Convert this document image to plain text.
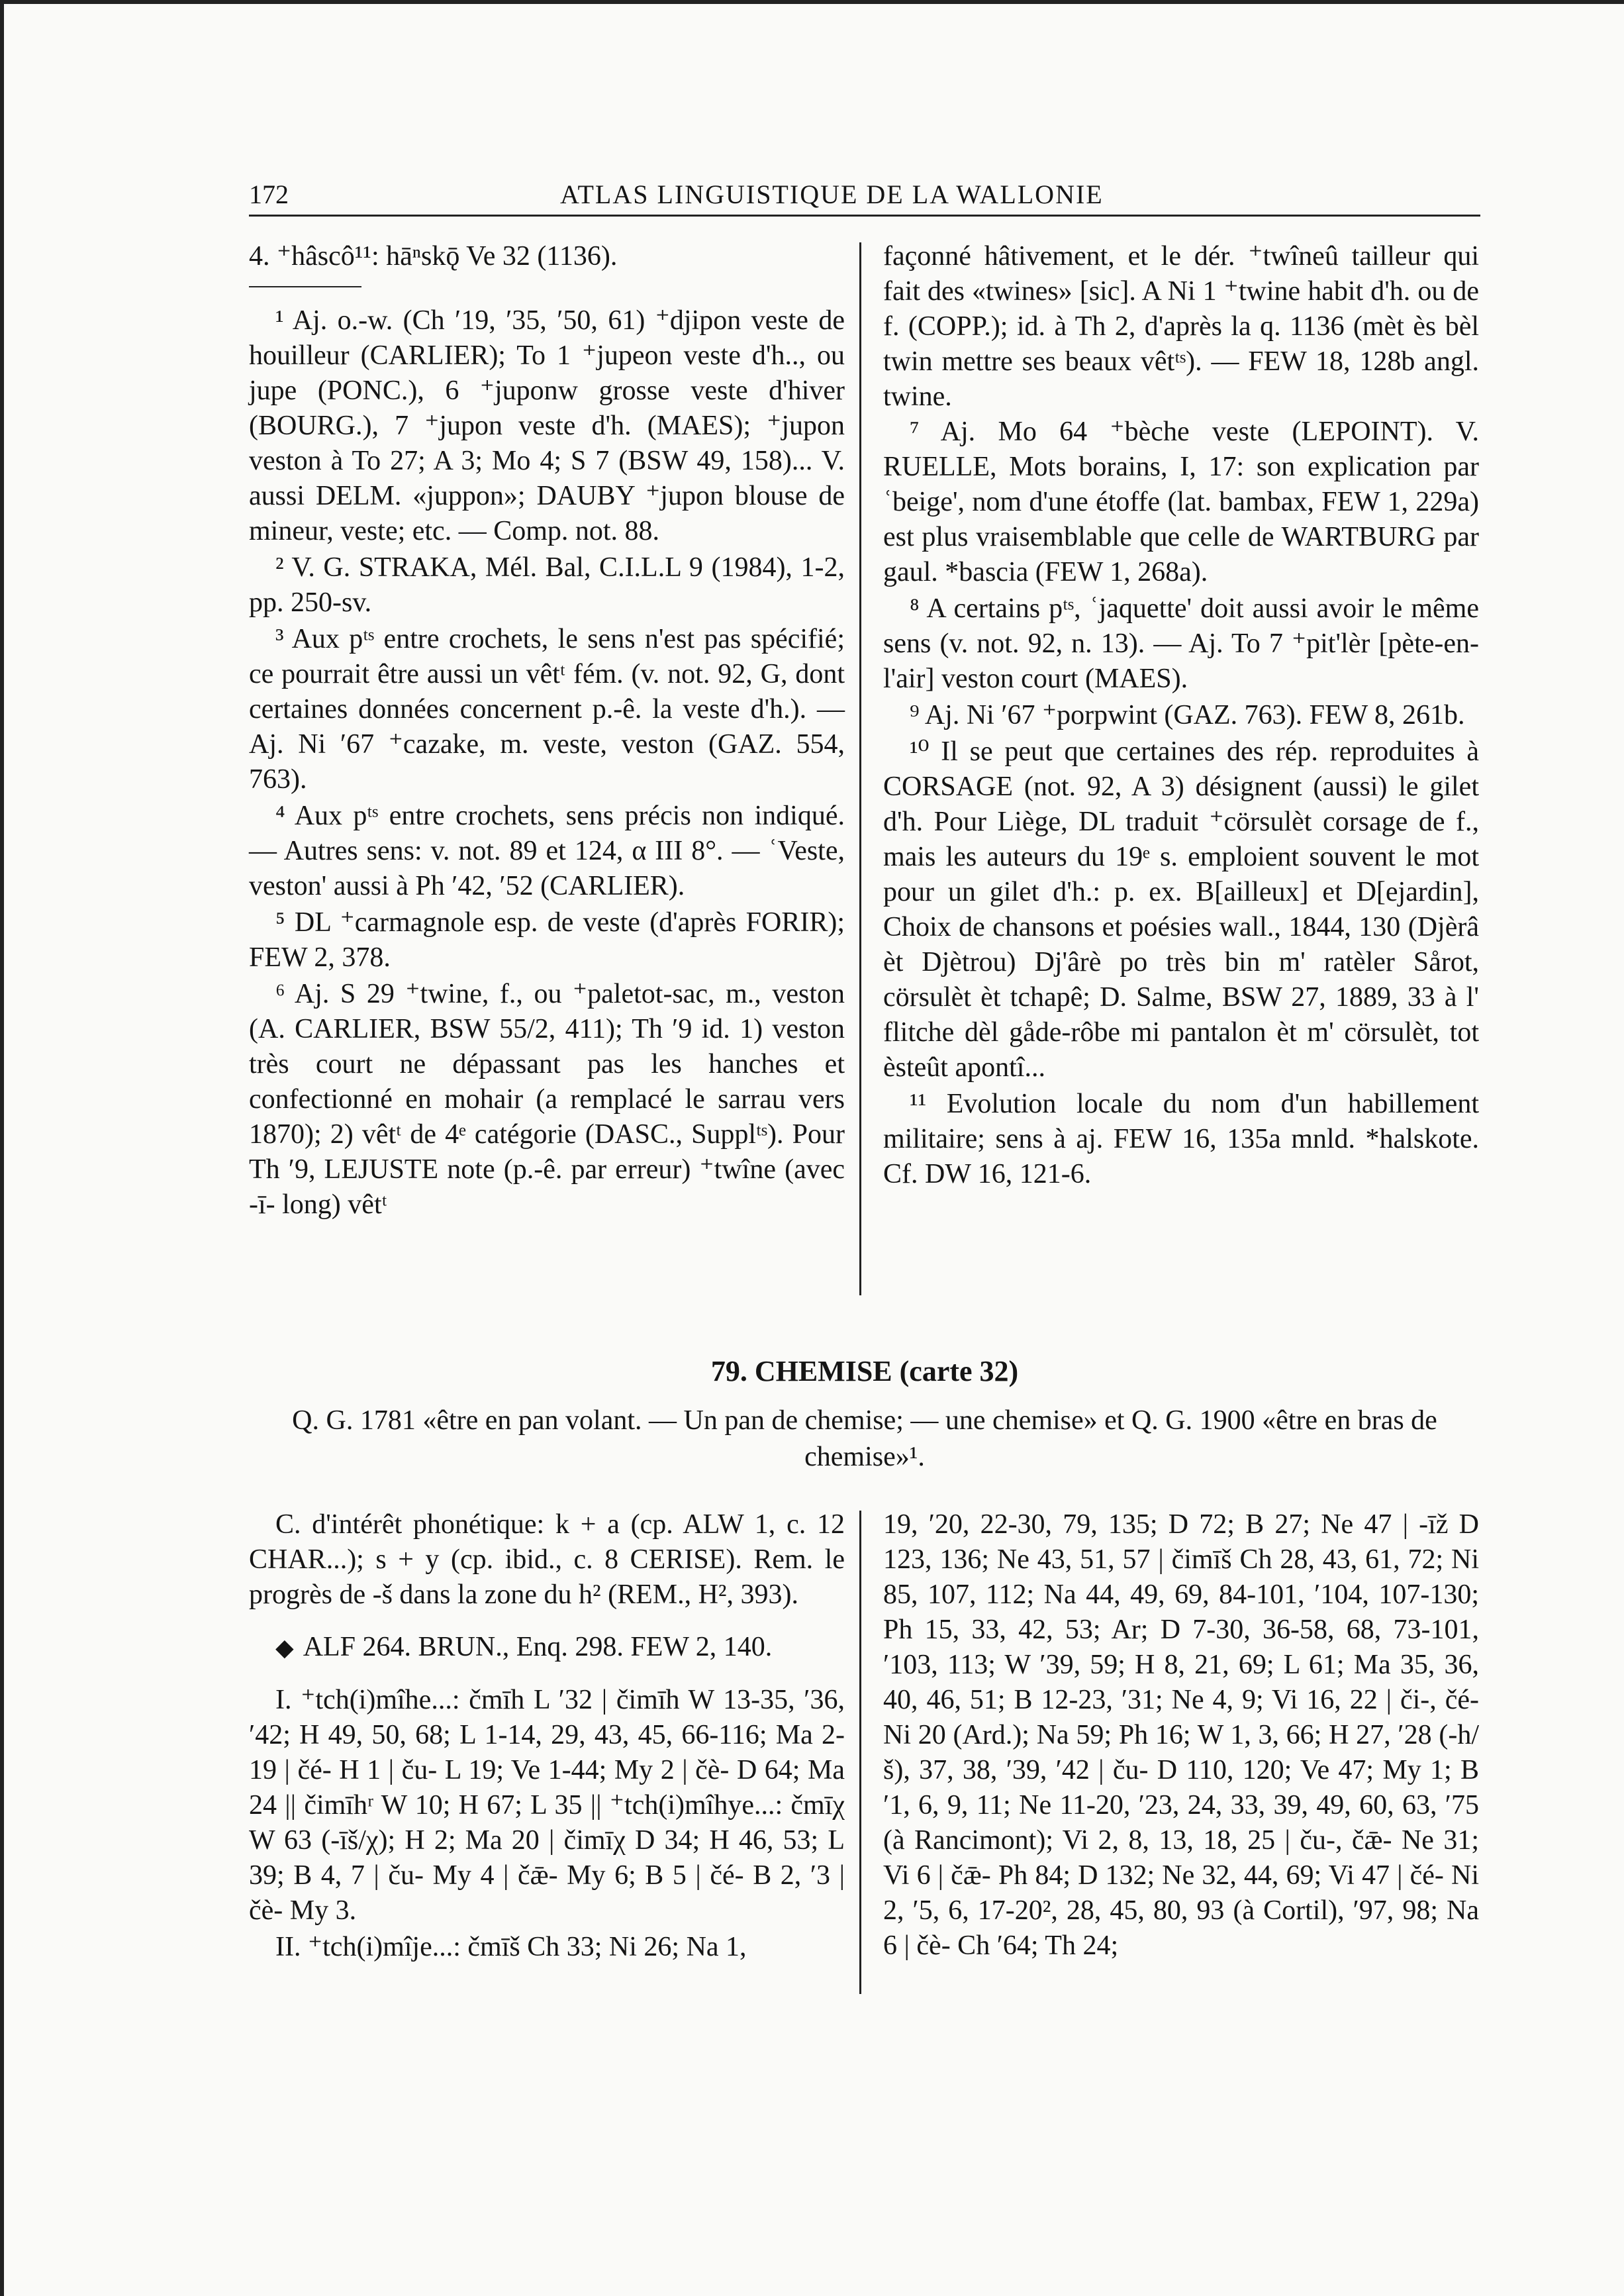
172	ATLAS LINGUISTIQUE DE LA WALLONIE

4. ⁺hâscô¹¹: hāⁿskǭ Ve 32 (1136).

¹ Aj. o.-w. (Ch ′19, ′35, ′50, 61) ⁺djipon veste de houilleur (CARLIER); To 1 ⁺jupeon veste d'h.., ou jupe (PONC.), 6 ⁺juponw grosse veste d'hiver (BOURG.), 7 ⁺jupon veste d'h. (MAES); ⁺jupon veston à To 27; A 3; Mo 4; S 7 (BSW 49, 158)... V. aussi DELM. «juppon»; DAUBY ⁺jupon blouse de mineur, veste; etc. — Comp. not. 88.

² V. G. STRAKA, Mél. Bal, C.I.L.L 9 (1984), 1-2, pp. 250-sv.

³ Aux pᵗˢ entre crochets, le sens n'est pas spécifié; ce pourrait être aussi un vêtᵗ fém. (v. not. 92, G, dont certaines données concernent p.-ê. la veste d'h.). — Aj. Ni ′67 ⁺cazake, m. veste, veston (GAZ. 554, 763).

⁴ Aux pᵗˢ entre crochets, sens précis non indiqué. — Autres sens: v. not. 89 et 124, α III 8°. — ʿVeste, veston' aussi à Ph ′42, ′52 (CARLIER).

⁵ DL ⁺carmagnole esp. de veste (d'après FORIR); FEW 2, 378.

⁶ Aj. S 29 ⁺twine, f., ou ⁺paletot-sac, m., veston (A. CARLIER, BSW 55/2, 411); Th ′9 id. 1) veston très court ne dépassant pas les hanches et confectionné en mohair (a remplacé le sarrau vers 1870); 2) vêtᵗ de 4ᵉ catégorie (DASC., Supplᵗˢ). Pour Th ′9, LEJUSTE note (p.-ê. par erreur) ⁺twîne (avec -ī- long) vêtᵗ

façonné hâtivement, et le dér. ⁺twîneû tailleur qui fait des «twines» [sic]. A Ni 1 ⁺twine habit d'h. ou de f. (COPP.); id. à Th 2, d'après la q. 1136 (mèt ès bèl twin mettre ses beaux vêtᵗˢ). — FEW 18, 128b angl. twine.

⁷ Aj. Mo 64 ⁺bèche veste (LEPOINT). V. RUELLE, Mots borains, I, 17: son explication par ʿbeige', nom d'une étoffe (lat. bambax, FEW 1, 229a) est plus vraisemblable que celle de WARTBURG par gaul. *bascia (FEW 1, 268a).

⁸ A certains pᵗˢ, ʿjaquette' doit aussi avoir le même sens (v. not. 92, n. 13). — Aj. To 7 ⁺pit'lèr [pète-en-l'air] veston court (MAES).

⁹ Aj. Ni ′67 ⁺porpwint (GAZ. 763). FEW 8, 261b.

¹⁰ Il se peut que certaines des rép. reproduites à CORSAGE (not. 92, A 3) désignent (aussi) le gilet d'h. Pour Liège, DL traduit ⁺cörsulèt corsage de f., mais les auteurs du 19ᵉ s. emploient souvent le mot pour un gilet d'h.: p. ex. B[ailleux] et D[ejardin], Choix de chansons et poésies wall., 1844, 130 (Djèrâ èt Djètrou) Dj'ârè po très bin m' ratèler Sårot, cörsulèt èt tchapê; D. Salme, BSW 27, 1889, 33 à l' flitche dèl gåde-rôbe mi pantalon èt m' cörsulèt, tot èsteût apontî...

¹¹ Evolution locale du nom d'un habillement militaire; sens à aj. FEW 16, 135a mnld. *halskote. Cf. DW 16, 121-6.

79. CHEMISE (carte 32)
Q. G. 1781 «être en pan volant. — Un pan de chemise; — une chemise» et Q. G. 1900 «être en bras de chemise»¹.

C. d'intérêt phonétique: k + a (cp. ALW 1, c. 12 CHAR...); s + y (cp. ibid., c. 8 CERISE). Rem. le progrès de -š dans la zone du h² (REM., H², 393).

◆ ALF 264. BRUN., Enq. 298. FEW 2, 140.

I. ⁺tch(i)mîhe...: čmīh L ′32 | čimīh W 13-35, ′36, ′42; H 49, 50, 68; L 1-14, 29, 43, 45, 66-116; Ma 2-19 | čé- H 1 | ču- L 19; Ve 1-44; My 2 | čè- D 64; Ma 24 || čimīhʳ W 10; H 67; L 35 || ⁺tch(i)mîhye...: čmīχ W 63 (-īš/χ); H 2; Ma 20 | čimīχ D 34; H 46, 53; L 39; B 4, 7 | ču- My 4 | čǣ- My 6; B 5 | čé- B 2, ′3 | čè- My 3.

II. ⁺tch(i)mîje...: čmīš Ch 33; Ni 26; Na 1,

19, ′20, 22-30, 79, 135; D 72; B 27; Ne 47 | -īž D 123, 136; Ne 43, 51, 57 | čimīš Ch 28, 43, 61, 72; Ni 85, 107, 112; Na 44, 49, 69, 84-101, ′104, 107-130; Ph 15, 33, 42, 53; Ar; D 7-30, 36-58, 68, 73-101, ′103, 113; W ′39, 59; H 8, 21, 69; L 61; Ma 35, 36, 40, 46, 51; B 12-23, ′31; Ne 4, 9; Vi 16, 22 | či-, čé- Ni 20 (Ard.); Na 59; Ph 16; W 1, 3, 66; H 27, ′28 (-h/š), 37, 38, ′39, ′42 | ču- D 110, 120; Ve 47; My 1; B ′1, 6, 9, 11; Ne 11-20, ′23, 24, 33, 39, 49, 60, 63, ′75 (à Rancimont); Vi 2, 8, 13, 18, 25 | ču-, čǣ- Ne 31; Vi 6 | čǣ- Ph 84; D 132; Ne 32, 44, 69; Vi 47 | čé- Ni 2, ′5, 6, 17-20², 28, 45, 80, 93 (à Cortil), ′97, 98; Na 6 | čè- Ch ′64; Th 24;
